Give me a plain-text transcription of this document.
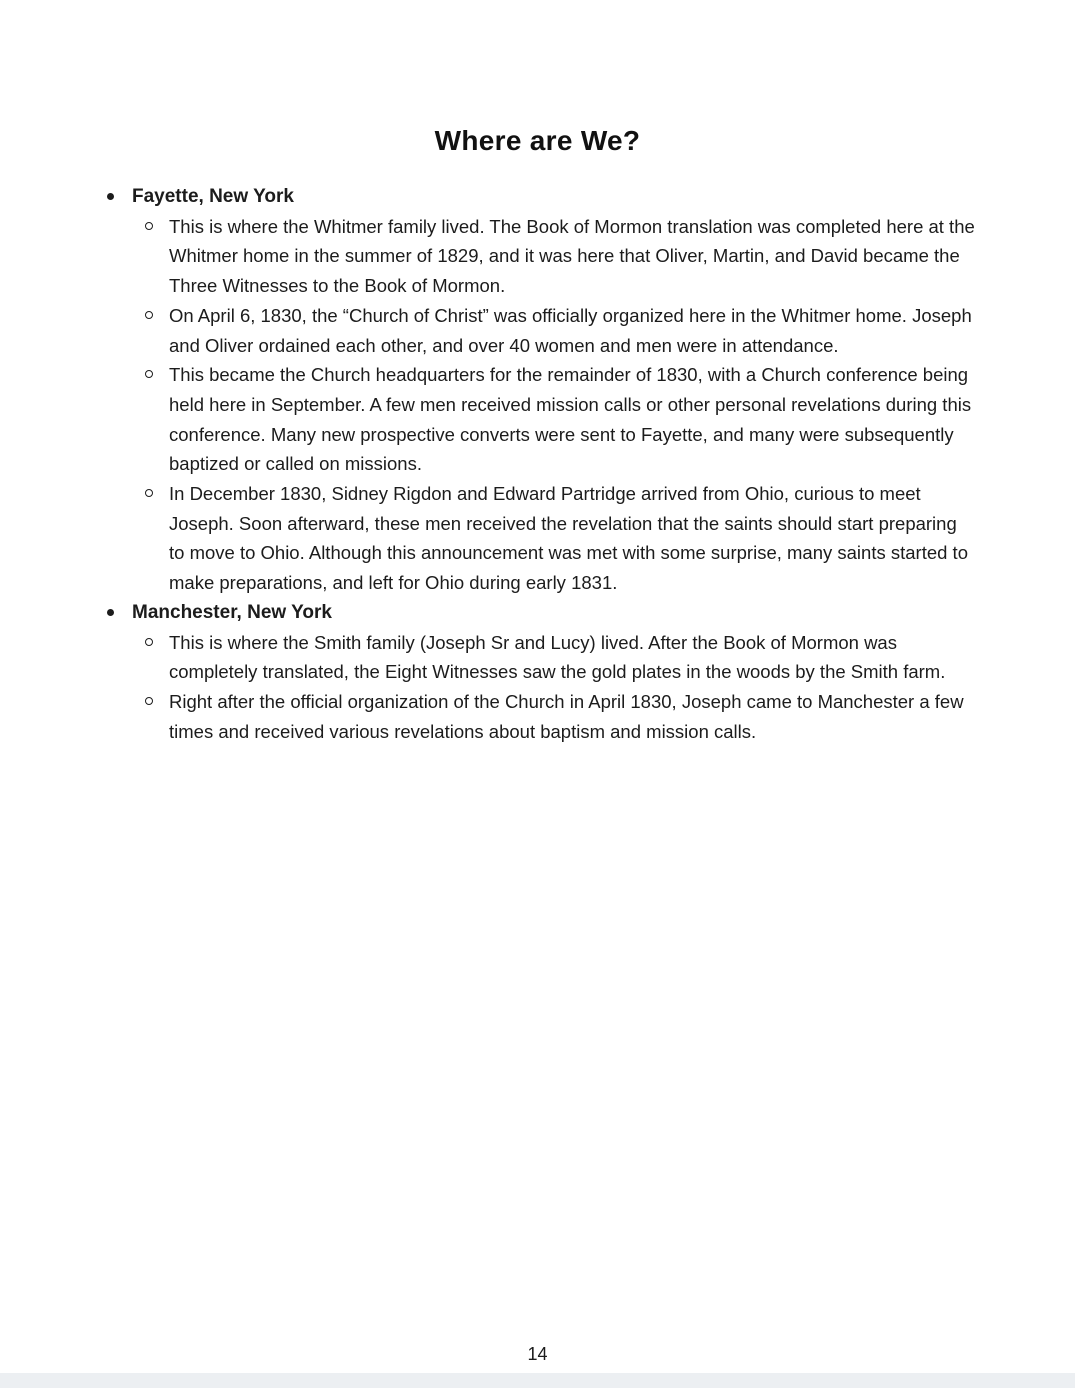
Where are We?
Fayette, New York
This is where the Whitmer family lived. The Book of Mormon translation was completed here at the Whitmer home in the summer of 1829, and it was here that Oliver, Martin, and David became the Three Witnesses to the Book of Mormon.
On April 6, 1830, the “Church of Christ” was officially organized here in the Whitmer home. Joseph and Oliver ordained each other, and over 40 women and men were in attendance.
This became the Church headquarters for the remainder of 1830, with a Church conference being held here in September. A few men received mission calls or other personal revelations during this conference. Many new prospective converts were sent to Fayette, and many were subsequently baptized or called on missions.
In December 1830, Sidney Rigdon and Edward Partridge arrived from Ohio, curious to meet Joseph. Soon afterward, these men received the revelation that the saints should start preparing to move to Ohio. Although this announcement was met with some surprise, many saints started to make preparations, and left for Ohio during early 1831.
Manchester, New York
This is where the Smith family (Joseph Sr and Lucy) lived. After the Book of Mormon was completely translated, the Eight Witnesses saw the gold plates in the woods by the Smith farm.
Right after the official organization of the Church in April 1830, Joseph came to Manchester a few times and received various revelations about baptism and mission calls.
14
